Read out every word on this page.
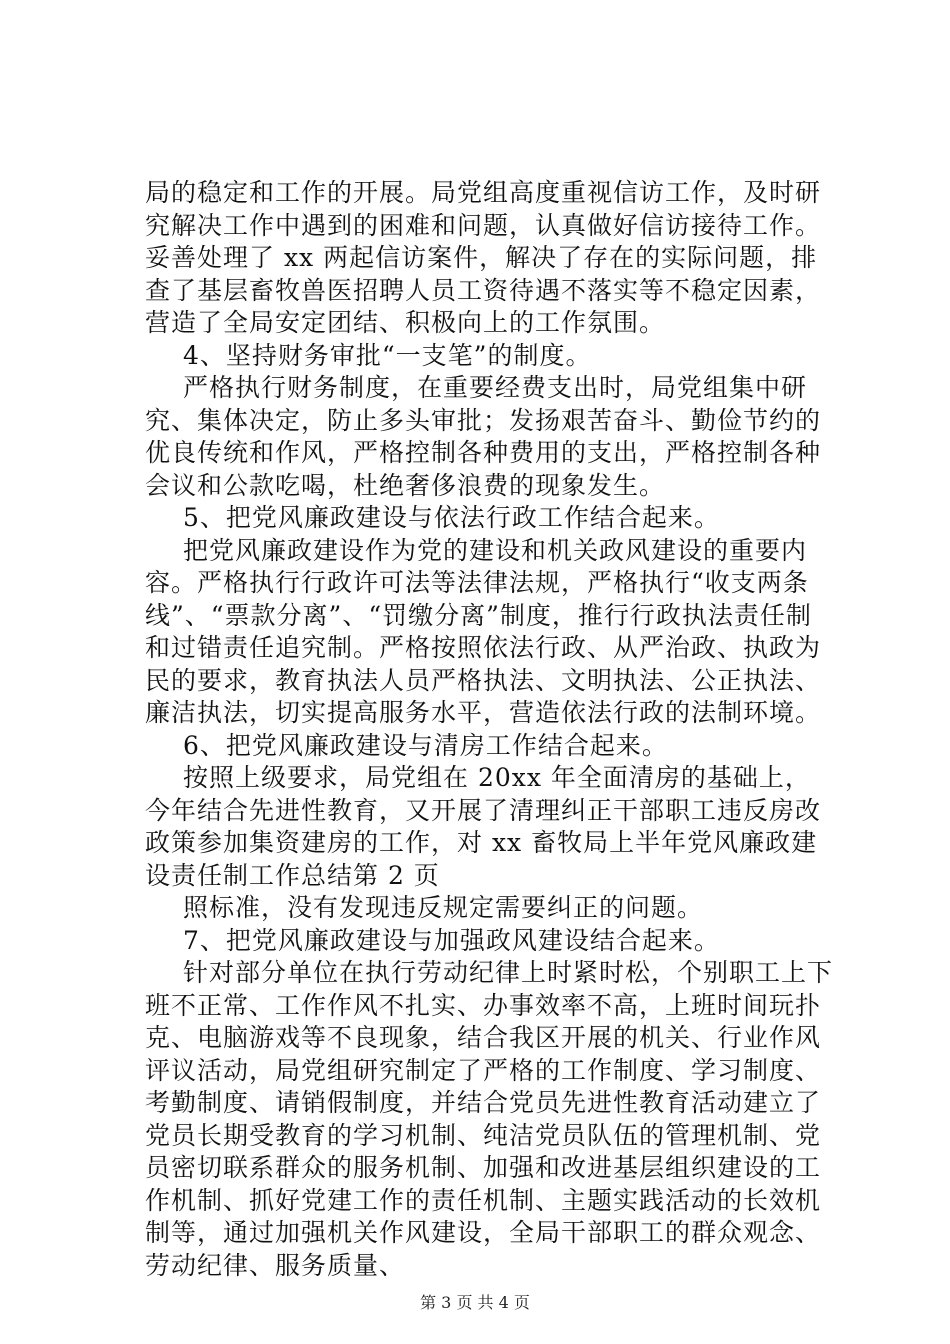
局的稳定和工作的开展。局党组高度重视信访工作，及时研究解决工作中遇到的困难和问题，认真做好信访接待工作。妥善处理了 xx 两起信访案件，解决了存在的实际问题，排查了基层畜牧兽医招聘人员工资待遇不落实等不稳定因素，营造了全局安定团结、积极向上的工作氛围。

4、坚持财务审批“一支笔”的制度。

严格执行财务制度，在重要经费支出时，局党组集中研究、集体决定，防止多头审批；发扬艰苦奋斗、勤俭节约的优良传统和作风，严格控制各种费用的支出，严格控制各种会议和公款吃喝，杜绝奢侈浪费的现象发生。

5、把党风廉政建设与依法行政工作结合起来。

把党风廉政建设作为党的建设和机关政风建设的重要内容。严格执行行政许可法等法律法规，严格执行“收支两条线”、“票款分离”、“罚缴分离”制度，推行行政执法责任制和过错责任追究制。严格按照依法行政、从严治政、执政为民的要求，教育执法人员严格执法、文明执法、公正执法、廉洁执法，切实提高服务水平，营造依法行政的法制环境。

6、把党风廉政建设与清房工作结合起来。

按照上级要求，局党组在 20xx 年全面清房的基础上，今年结合先进性教育，又开展了清理纠正干部职工违反房改政策参加集资建房的工作，对 xx 畜牧局上半年党风廉政建设责任制工作总结第 2 页

照标准，没有发现违反规定需要纠正的问题。

7、把党风廉政建设与加强政风建设结合起来。

针对部分单位在执行劳动纪律上时紧时松，个别职工上下班不正常、工作作风不扎实、办事效率不高，上班时间玩扑克、电脑游戏等不良现象，结合我区开展的机关、行业作风评议活动，局党组研究制定了严格的工作制度、学习制度、考勤制度、请销假制度，并结合党员先进性教育活动建立了党员长期受教育的学习机制、纯洁党员队伍的管理机制、党员密切联系群众的服务机制、加强和改进基层组织建设的工作机制、抓好党建工作的责任机制、主题实践活动的长效机制等，通过加强机关作风建设，全局干部职工的群众观念、劳动纪律、服务质量、

第 3 页 共 4 页
